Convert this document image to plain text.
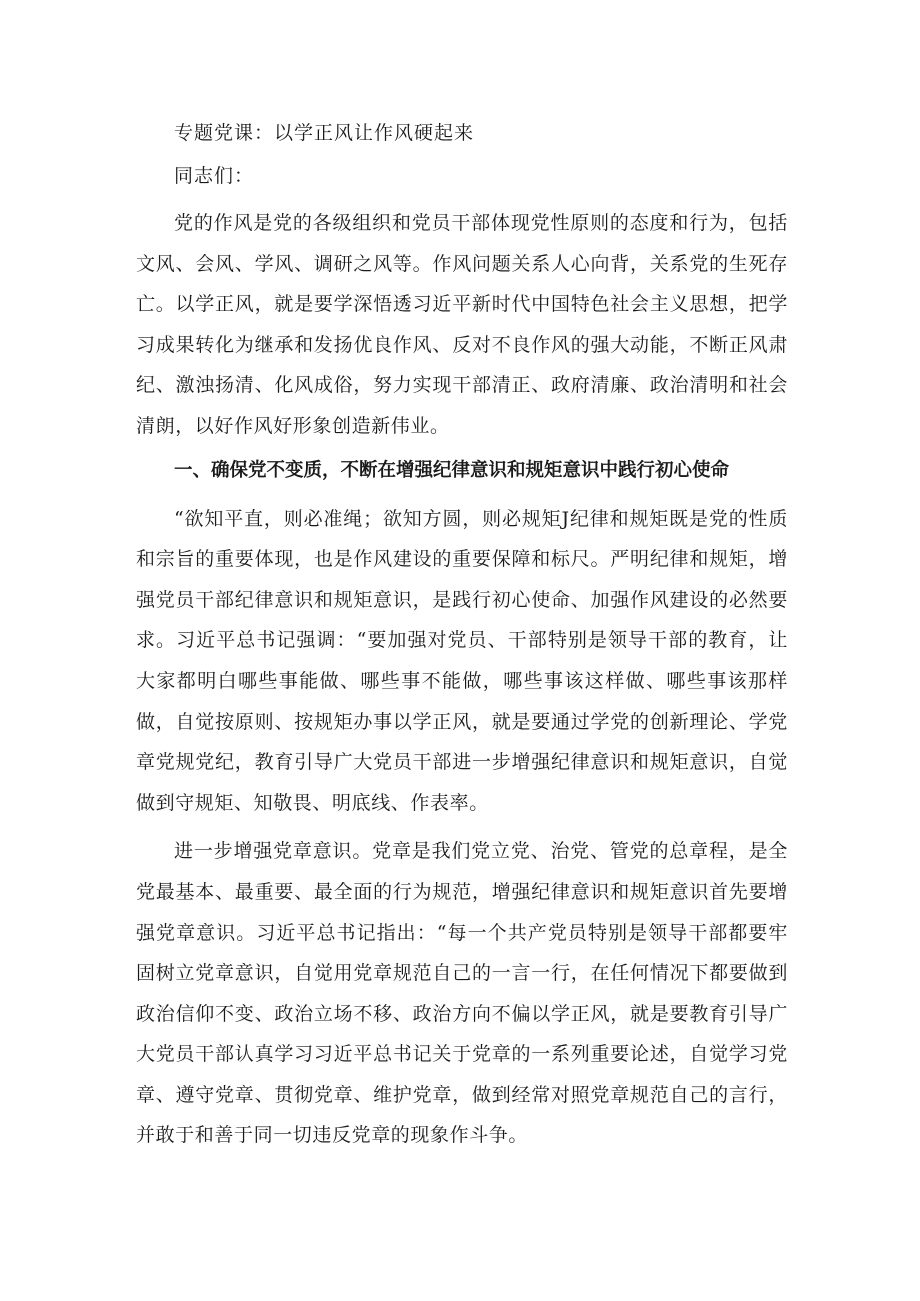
专题党课：以学正风让作风硬起来

同志们：

党的作风是党的各级组织和党员干部体现党性原则的态度和行为，包括文风、会风、学风、调研之风等。作风问题关系人心向背，关系党的生死存亡。以学正风，就是要学深悟透习近平新时代中国特色社会主义思想，把学习成果转化为继承和发扬优良作风、反对不良作风的强大动能，不断正风肃纪、激浊扬清、化风成俗，努力实现干部清正、政府清廉、政治清明和社会清朗，以好作风好形象创造新伟业。

一、确保党不变质，不断在增强纪律意识和规矩意识中践行初心使命

“欲知平直，则必准绳；欲知方圆，则必规矩J纪律和规矩既是党的性质和宗旨的重要体现，也是作风建设的重要保障和标尺。严明纪律和规矩，增强党员干部纪律意识和规矩意识，是践行初心使命、加强作风建设的必然要求。习近平总书记强调：“要加强对党员、干部特别是领导干部的教育，让大家都明白哪些事能做、哪些事不能做，哪些事该这样做、哪些事该那样做，自觉按原则、按规矩办事以学正风，就是要通过学党的创新理论、学党章党规党纪，教育引导广大党员干部进一步增强纪律意识和规矩意识，自觉做到守规矩、知敬畏、明底线、作表率。

进一步增强党章意识。党章是我们党立党、治党、管党的总章程，是全党最基本、最重要、最全面的行为规范，增强纪律意识和规矩意识首先要增强党章意识。习近平总书记指出：“每一个共产党员特别是领导干部都要牢固树立党章意识，自觉用党章规范自己的一言一行，在任何情况下都要做到政治信仰不变、政治立场不移、政治方向不偏以学正风，就是要教育引导广大党员干部认真学习习近平总书记关于党章的一系列重要论述，自觉学习党章、遵守党章、贯彻党章、维护党章，做到经常对照党章规范自己的言行，并敢于和善于同一切违反党章的现象作斗争。
